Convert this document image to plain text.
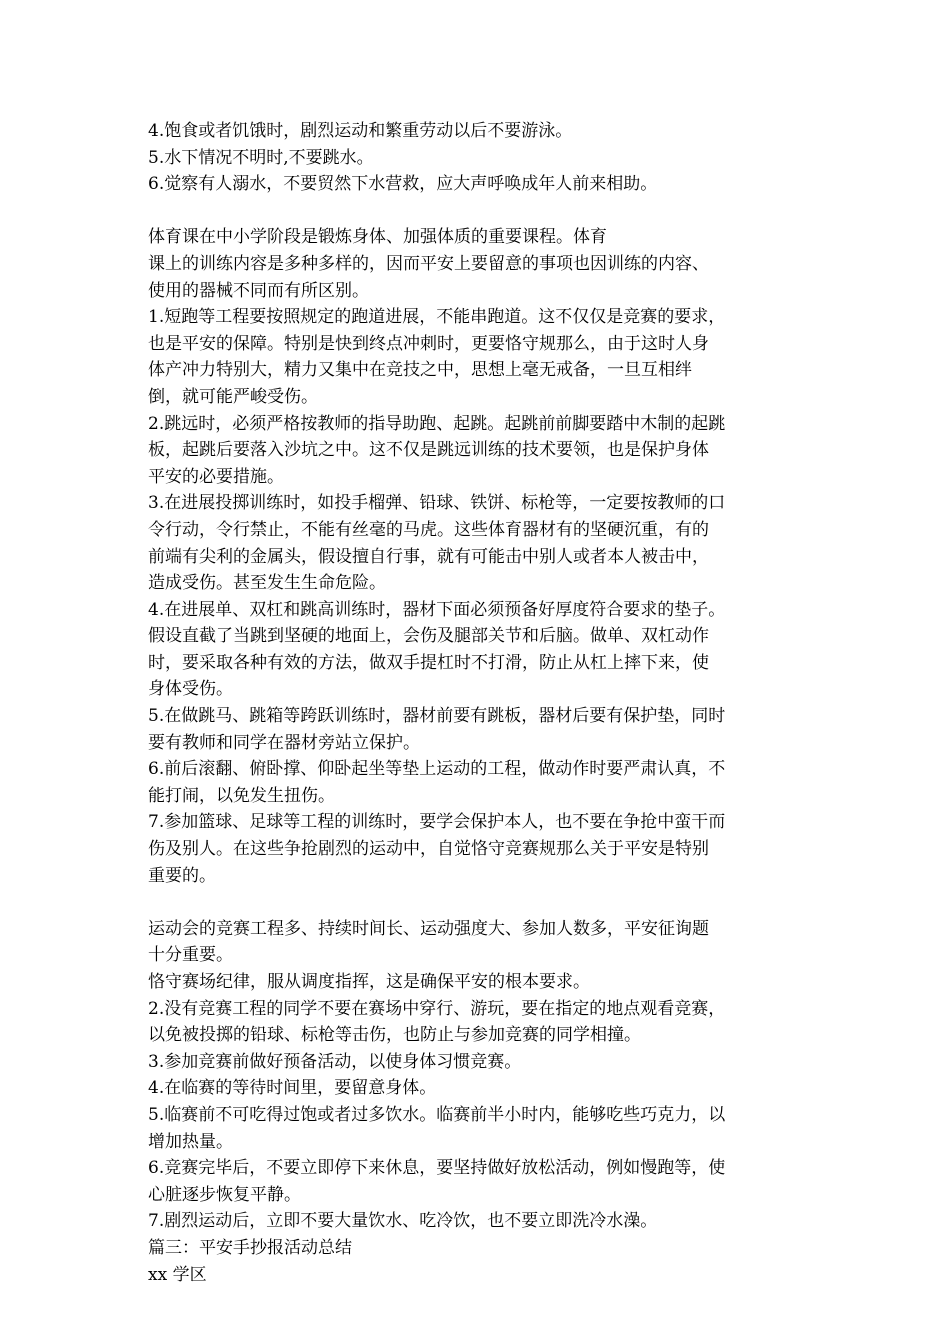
4.饱食或者饥饿时，剧烈运动和繁重劳动以后不要游泳。

5.水下情况不明时,不要跳水。

6.觉察有人溺水，不要贸然下水营救，应大声呼唤成年人前来相助。

体育课在中小学阶段是锻炼身体、加强体质的重要课程。体育

课上的训练内容是多种多样的，因而平安上要留意的事项也因训练的内容、

使用的器械不同而有所区别。

1.短跑等工程要按照规定的跑道进展，不能串跑道。这不仅仅是竞赛的要求，

也是平安的保障。特别是快到终点冲刺时，更要恪守规那么，由于这时人身

体产冲力特别大，精力又集中在竞技之中，思想上毫无戒备，一旦互相绊

倒，就可能严峻受伤。

2.跳远时，必须严格按教师的指导助跑、起跳。起跳前前脚要踏中木制的起跳

板，起跳后要落入沙坑之中。这不仅是跳远训练的技术要领，也是保护身体

平安的必要措施。

3.在进展投掷训练时，如投手榴弹、铅球、铁饼、标枪等，一定要按教师的口

令行动，令行禁止，不能有丝毫的马虎。这些体育器材有的坚硬沉重，有的

前端有尖利的金属头，假设擅自行事，就有可能击中别人或者本人被击中，

造成受伤。甚至发生生命危险。

4.在进展单、双杠和跳高训练时，器材下面必须预备好厚度符合要求的垫子。

假设直截了当跳到坚硬的地面上，会伤及腿部关节和后脑。做单、双杠动作

时，要采取各种有效的方法，做双手提杠时不打滑，防止从杠上摔下来，使

身体受伤。

5.在做跳马、跳箱等跨跃训练时，器材前要有跳板，器材后要有保护垫，同时

要有教师和同学在器材旁站立保护。

6.前后滚翻、俯卧撑、仰卧起坐等垫上运动的工程，做动作时要严肃认真，不

能打闹，以免发生扭伤。

7.参加篮球、足球等工程的训练时，要学会保护本人，也不要在争抢中蛮干而

伤及别人。在这些争抢剧烈的运动中，自觉恪守竞赛规那么关于平安是特别

重要的。

运动会的竞赛工程多、持续时间长、运动强度大、参加人数多，平安征询题

十分重要。

恪守赛场纪律，服从调度指挥，这是确保平安的根本要求。

2.没有竞赛工程的同学不要在赛场中穿行、游玩，要在指定的地点观看竞赛，

以免被投掷的铅球、标枪等击伤，也防止与参加竞赛的同学相撞。

3.参加竞赛前做好预备活动，以使身体习惯竞赛。

4.在临赛的等待时间里，要留意身体。

5.临赛前不可吃得过饱或者过多饮水。临赛前半小时内，能够吃些巧克力，以

增加热量。

6.竞赛完毕后，不要立即停下来休息，要坚持做好放松活动，例如慢跑等，使

心脏逐步恢复平静。

7.剧烈运动后，立即不要大量饮水、吃冷饮，也不要立即洗冷水澡。

篇三：平安手抄报活动总结

xx 学区
